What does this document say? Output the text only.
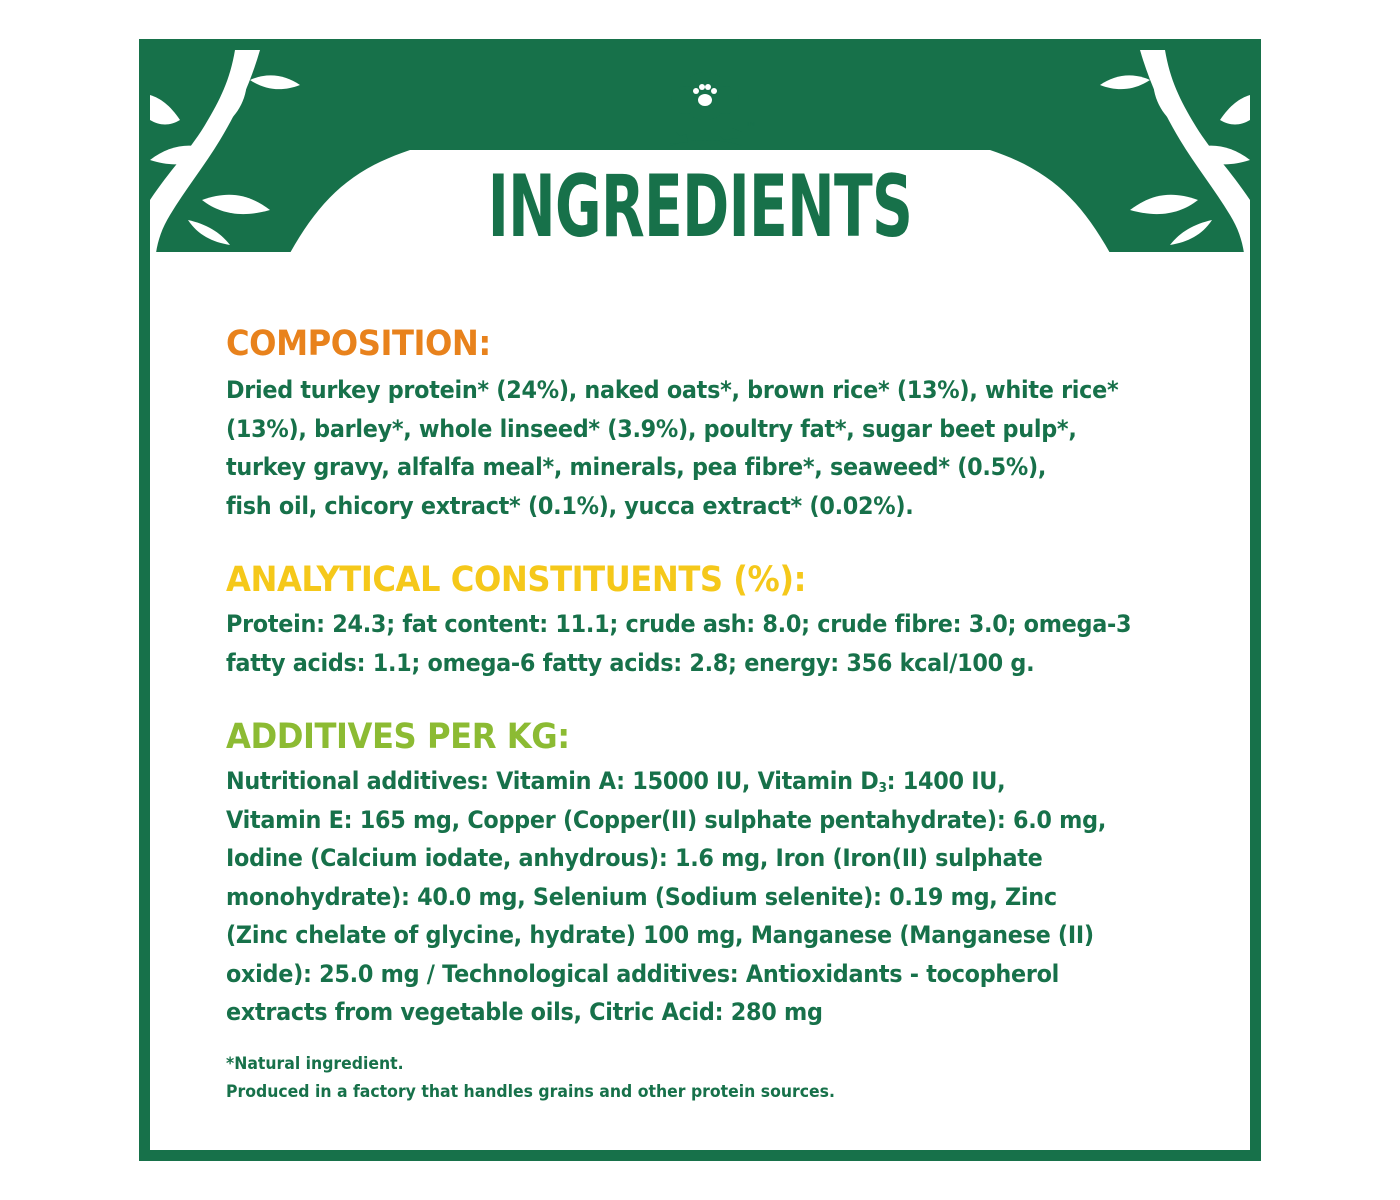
TM
INGREDIENTS
COMPOSITION:

Dried turkey protein* (24%), naked oats*, brown rice* (13%), white rice*
(13%), barley*, whole linseed* (3.9%), poultry fat*, sugar beet pulp*,
turkey gravy, alfalfa meal*, minerals, pea fibre*, seaweed* (0.5%),
fish oil, chicory extract* (0.1%), yucca extract* (0.02%).

ANALYTICAL CONSTITUENTS (%):

Protein: 24.3; fat content: 11.1; crude ash: 8.0; crude fibre: 3.0; omega-3
fatty acids: 1.1; omega-6 fatty acids: 2.8; energy: 356 kcal/100 g.

ADDITIVES PER KG:

Nutritional additives: Vitamin A: 15000 IU, Vitamin $D_3$: 1400 IU,
Vitamin E: 165 mg, Copper (Copper(II) sulphate pentahydrate): 6.0 mg,
Iodine (Calcium iodate, anhydrous): 1.6 mg, Iron (Iron(II) sulphate
monohydrate): 40.0 mg, Selenium (Sodium selenite): 0.19 mg, Zinc
(Zinc chelate of glycine, hydrate) 100 mg, Manganese (Manganese (II)
oxide): 25.0 mg / Technological additives: Antioxidants - tocopherol
extracts from vegetable oils, Citric Acid: 280 mg

*Natural ingredient.
Produced in a factory that handles grains and other protein sources.
